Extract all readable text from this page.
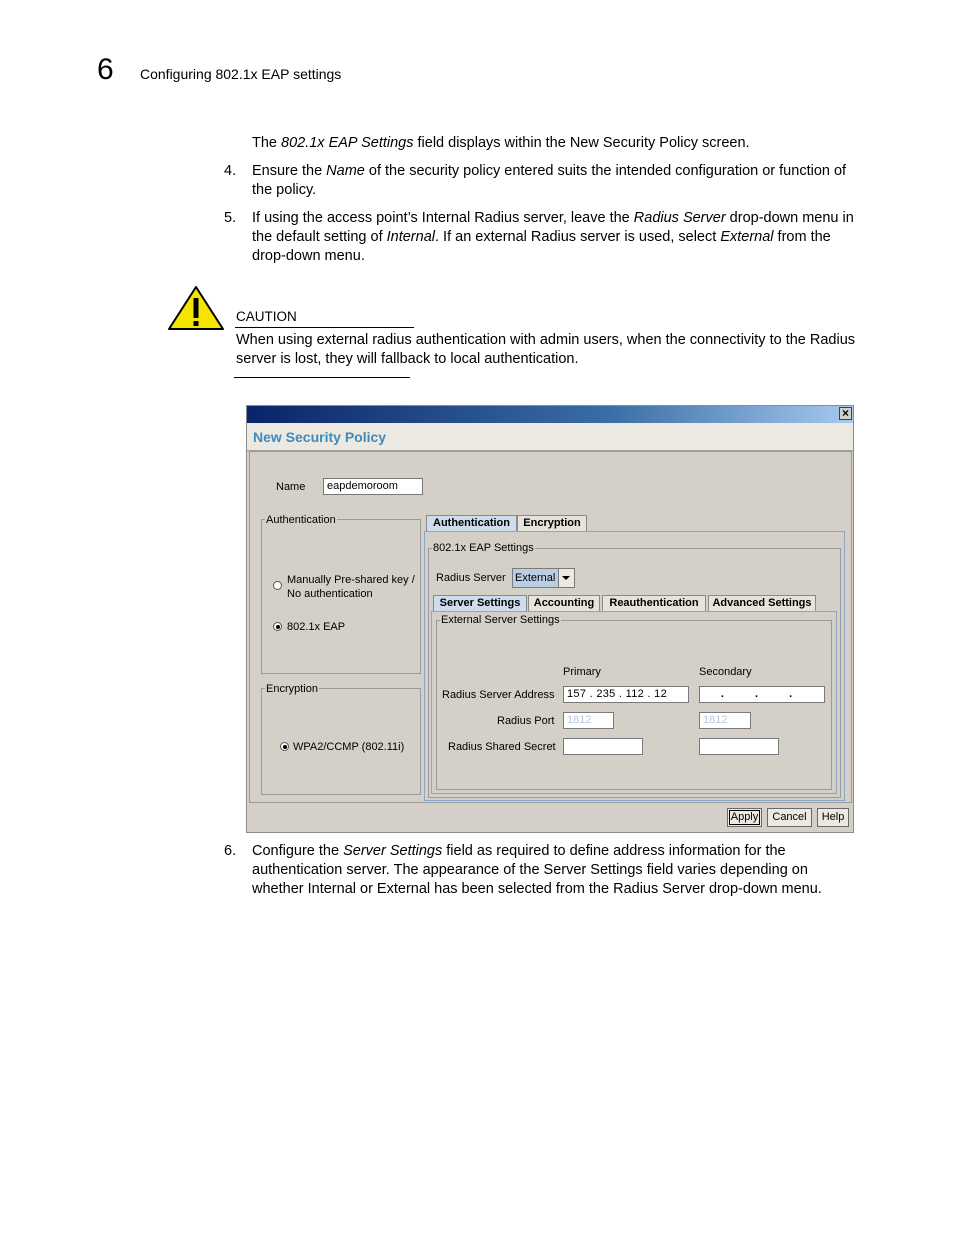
6 Configuring 802.1x EAP settings
The 802.1x EAP Settings field displays within the New Security Policy screen.
4. Ensure the Name of the security policy entered suits the intended configuration or function of
the policy.
5. If using the access point’s Internal Radius server, leave the Radius Server drop-down menu in
the default setting of Internal. If an external Radius server is used, select External from the
drop-down menu.
CAUTION
When using external radius authentication with admin users, when the connectivity to the Radius
server is lost, they will fallback to local authentication.
×
New Security Policy
Name	eapdemoroom
Authentication
Manually Pre-shared key /
No authentication
802.1x EAP
Encryption
WPA2/CCMP (802.11i)
Authentication	Encryption
802.1x EAP Settings
Radius Server External
Server Settings	Accounting	Reauthentication	Advanced Settings
External Server Settings
Primary	Secondary
Radius Server Address	157 . 235 . 112 . 12	. . .
Radius Port	1812	1812
Radius Shared Secret
Apply	Cancel	Help
6. Configure the Server Settings field as required to define address information for the
authentication server. The appearance of the Server Settings field varies depending on
whether Internal or External has been selected from the Radius Server drop-down menu.
